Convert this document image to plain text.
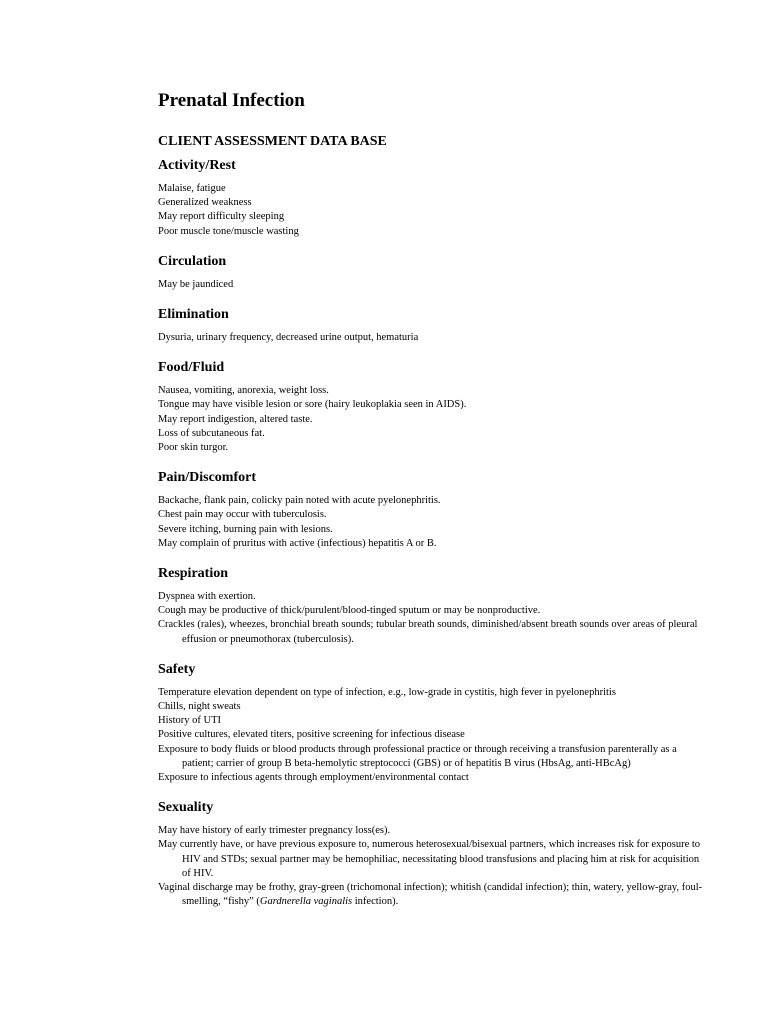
Prenatal Infection
CLIENT ASSESSMENT DATA BASE
Activity/Rest
Malaise, fatigue
Generalized weakness
May report difficulty sleeping
Poor muscle tone/muscle wasting
Circulation
May be jaundiced
Elimination
Dysuria, urinary frequency, decreased urine output, hematuria
Food/Fluid
Nausea, vomiting, anorexia, weight loss.
Tongue may have visible lesion or sore (hairy leukoplakia seen in AIDS).
May report indigestion, altered taste.
Loss of subcutaneous fat.
Poor skin turgor.
Pain/Discomfort
Backache, flank pain, colicky pain noted with acute pyelonephritis.
Chest pain may occur with tuberculosis.
Severe itching, burning pain with lesions.
May complain of pruritus with active (infectious) hepatitis A or B.
Respiration
Dyspnea with exertion.
Cough may be productive of thick/purulent/blood-tinged sputum or may be nonproductive.
Crackles (rales), wheezes, bronchial breath sounds; tubular breath sounds, diminished/absent breath sounds over areas of pleural effusion or pneumothorax (tuberculosis).
Safety
Temperature elevation dependent on type of infection, e.g., low-grade in cystitis, high fever in pyelonephritis
Chills, night sweats
History of UTI
Positive cultures, elevated titers, positive screening for infectious disease
Exposure to body fluids or blood products through professional practice or through receiving a transfusion parenterally as a patient; carrier of group B beta-hemolytic streptococci (GBS) or of hepatitis B virus (HbsAg, anti-HBcAg)
Exposure to infectious agents through employment/environmental contact
Sexuality
May have history of early trimester pregnancy loss(es).
May currently have, or have previous exposure to, numerous heterosexual/bisexual partners, which increases risk for exposure to HIV and STDs; sexual partner may be hemophiliac, necessitating blood transfusions and placing him at risk for acquisition of HIV.
Vaginal discharge may be frothy, gray-green (trichomonal infection); whitish (candidal infection); thin, watery, yellow-gray, foul-smelling, “fishy” (Gardnerella vaginalis infection).
